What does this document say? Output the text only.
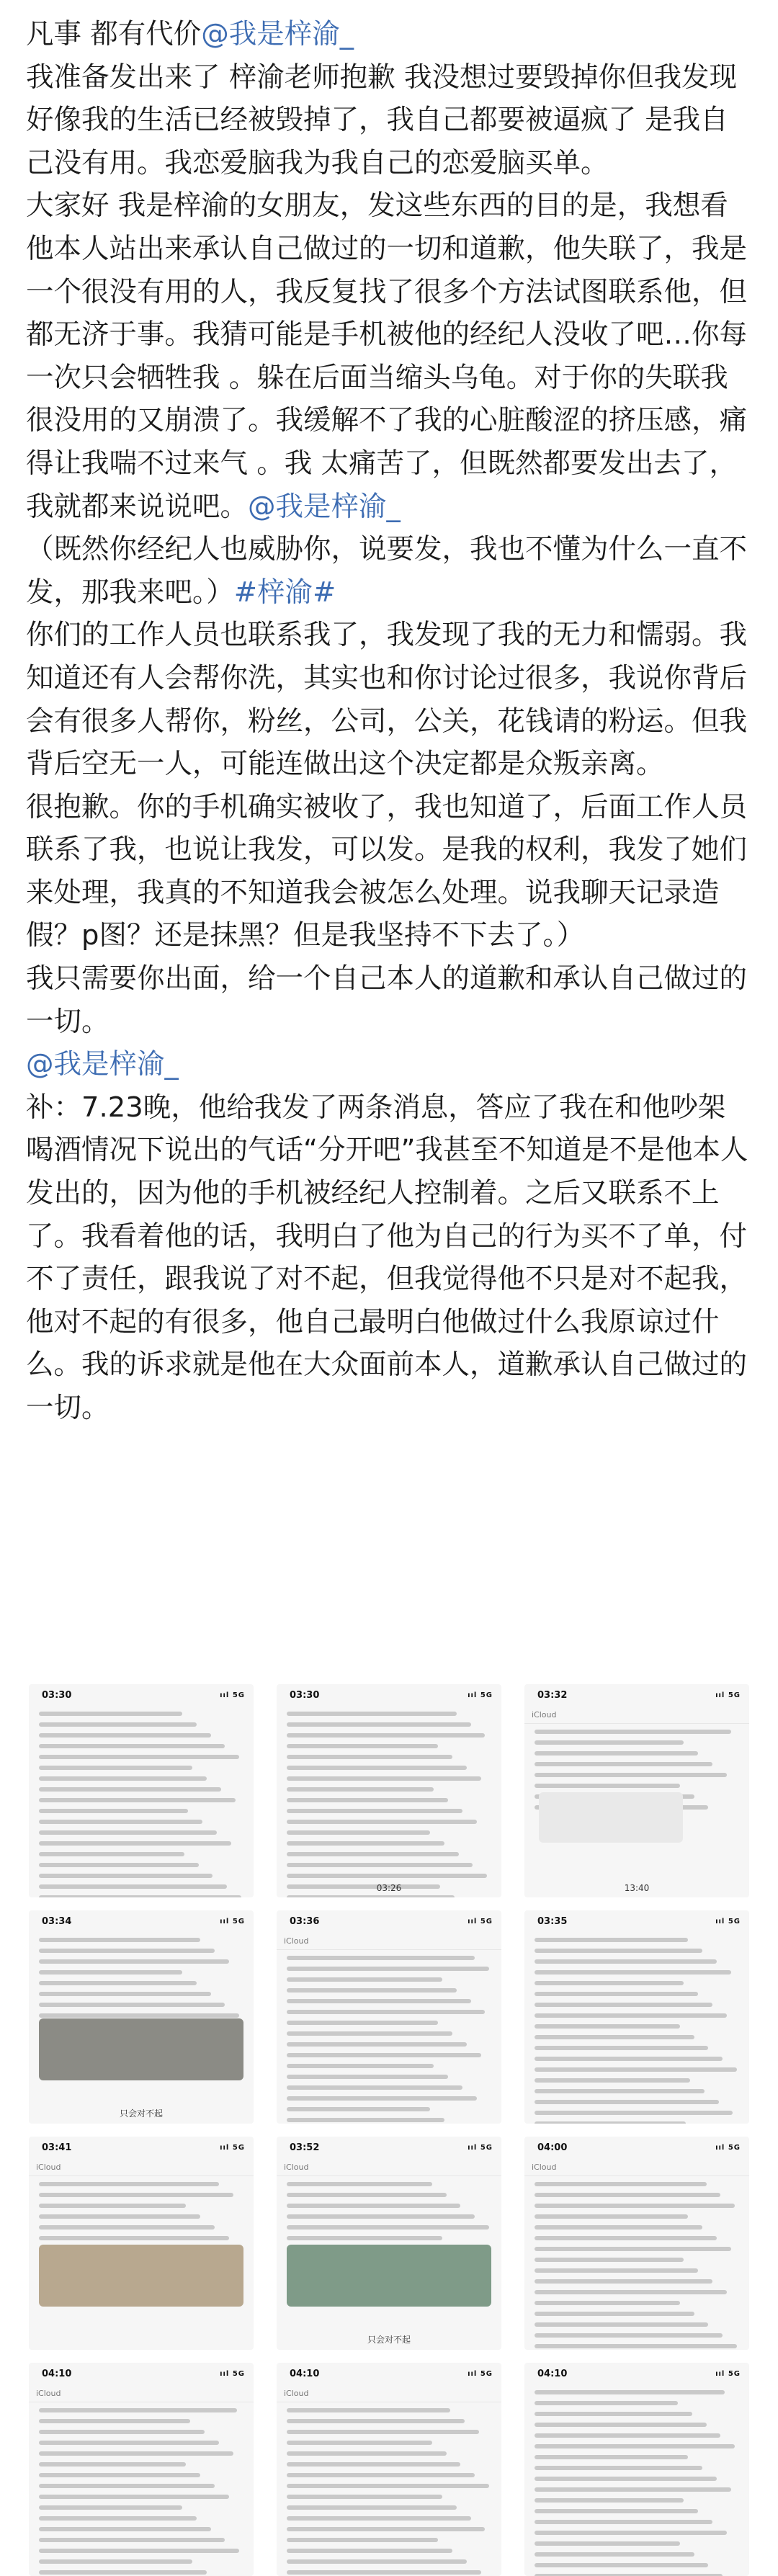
凡事 都有代价@我是梓渝_

我准备发出来了 梓渝老师抱歉 我没想过要毁掉你但我发现好像我的生活已经被毁掉了，我自己都要被逼疯了 是我自己没有用。我恋爱脑我为我自己的恋爱脑买单。

大家好 我是梓渝的女朋友，发这些东西的目的是，我想看他本人站出来承认自己做过的一切和道歉，他失联了，我是一个很没有用的人，我反复找了很多个方法试图联系他，但都无济于事。我猜可能是手机被他的经纪人没收了吧…你每一次只会牺牲我 。躲在后面当缩头乌龟。对于你的失联我很没用的又崩溃了。我缓解不了我的心脏酸涩的挤压感，痛得让我喘不过来气 。我 太痛苦了，但既然都要发出去了，我就都来说说吧。@我是梓渝_

（既然你经纪人也威胁你，说要发，我也不懂为什么一直不发，那我来吧。）#梓渝#

你们的工作人员也联系我了，我发现了我的无力和懦弱。我知道还有人会帮你洗，其实也和你讨论过很多，我说你背后会有很多人帮你，粉丝，公司，公关，花钱请的粉运。但我背后空无一人，可能连做出这个决定都是众叛亲离。

很抱歉。你的手机确实被收了，我也知道了，后面工作人员联系了我，也说让我发，可以发。是我的权利，我发了她们来处理，我真的不知道我会被怎么处理。说我聊天记录造假？p图？还是抹黑？但是我坚持不下去了。）

我只需要你出面，给一个自己本人的道歉和承认自己做过的一切。

@我是梓渝_

补：7.23晚，他给我发了两条消息，答应了我在和他吵架喝酒情况下说出的气话“分开吧”我甚至不知道是不是他本人发出的，因为他的手机被经纪人控制着。之后又联系不上了。我看着他的话，我明白了他为自己的行为买不了单，付不了责任，跟我说了对不起，但我觉得他不只是对不起我，他对不起的有很多，他自己最明白他做过什么我原谅过什么。我的诉求就是他在大众面前本人，道歉承认自己做过的一切。

03:30	ııl 5G	03:30	ııl 5G
03:26
03:32	ııl 5G
iCloud
13:40
03:34	ııl 5G
只会对不起
03:36	ııl 5G
iCloud
03:35	ııl 5G
03:41	ııl 5G
iCloud
03:52	ııl 5G
iCloud
只会对不起
04:00	ııl 5G
iCloud
04:10	ııl 5G
iCloud
04:10	ııl 5G
iCloud
04:10	ııl 5G
